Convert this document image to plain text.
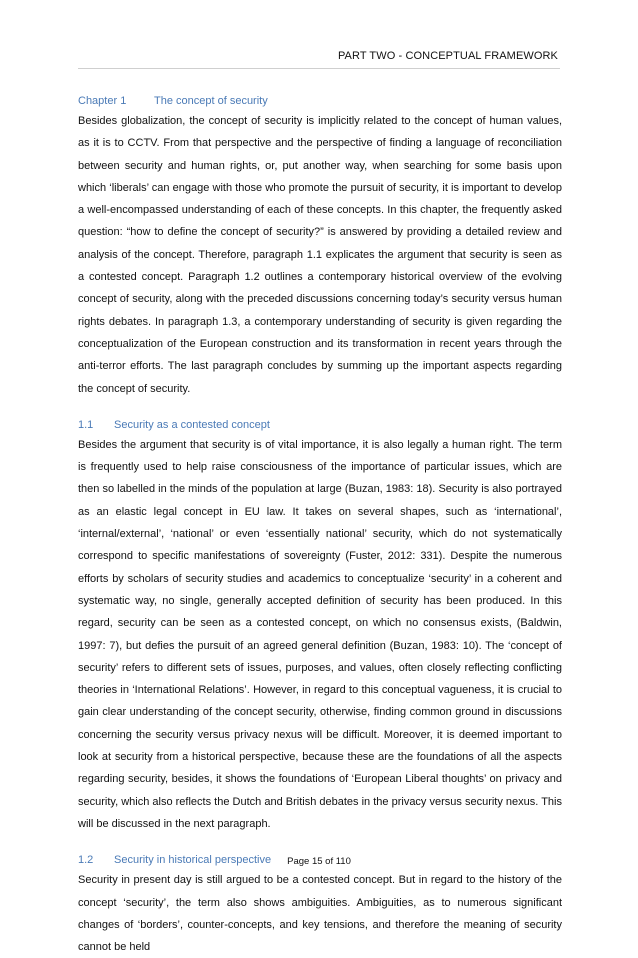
PART TWO - CONCEPTUAL FRAMEWORK
Chapter 1	The concept of security

Besides globalization, the concept of security is implicitly related to the concept of human values, as it is to CCTV. From that perspective and the perspective of finding a language of reconciliation between security and human rights, or, put another way, when searching for some basis upon which ‘liberals’ can engage with those who promote the pursuit of security, it is important to develop a well-encompassed understanding of each of these concepts. In this chapter, the frequently asked question: “how to define the concept of security?” is answered by providing a detailed review and analysis of the concept. Therefore, paragraph 1.1 explicates the argument that security is seen as a contested concept. Paragraph 1.2 outlines a contemporary historical overview of the evolving concept of security, along with the preceded discussions concerning today’s security versus human rights debates. In paragraph 1.3, a contemporary understanding of security is given regarding the conceptualization of the European construction and its transformation in recent years through the anti-terror efforts. The last paragraph concludes by summing up the important aspects regarding the concept of security.

1.1 Security as a contested concept

Besides the argument that security is of vital importance, it is also legally a human right. The term is frequently used to help raise consciousness of the importance of particular issues, which are then so labelled in the minds of the population at large (Buzan, 1983: 18). Security is also portrayed as an elastic legal concept in EU law. It takes on several shapes, such as ‘international’, ‘internal/external’, ‘national’ or even ‘essentially national’ security, which do not systematically correspond to specific manifestations of sovereignty (Fuster, 2012: 331). Despite the numerous efforts by scholars of security studies and academics to conceptualize ‘security’ in a coherent and systematic way, no single, generally accepted definition of security has been produced. In this regard, security can be seen as a contested concept, on which no consensus exists, (Baldwin, 1997: 7), but defies the pursuit of an agreed general definition (Buzan, 1983: 10). The ‘concept of security’ refers to different sets of issues, purposes, and values, often closely reflecting conflicting theories in ‘International Relations’. However, in regard to this conceptual vagueness, it is crucial to gain clear understanding of the concept security, otherwise, finding common ground in discussions concerning the security versus privacy nexus will be difficult. Moreover, it is deemed important to look at security from a historical perspective, because these are the foundations of all the aspects regarding security, besides, it shows the foundations of ‘European Liberal thoughts’ on privacy and security, which also reflects the Dutch and British debates in the privacy versus security nexus. This will be discussed in the next paragraph.

1.2 Security in historical perspective

Security in present day is still argued to be a contested concept. But in regard to the history of the concept ‘security’, the term also shows ambiguities. Ambiguities, as to numerous significant changes of ‘borders’, counter-concepts, and key tensions, and therefore the meaning of security cannot be held

Page 15 of 110
